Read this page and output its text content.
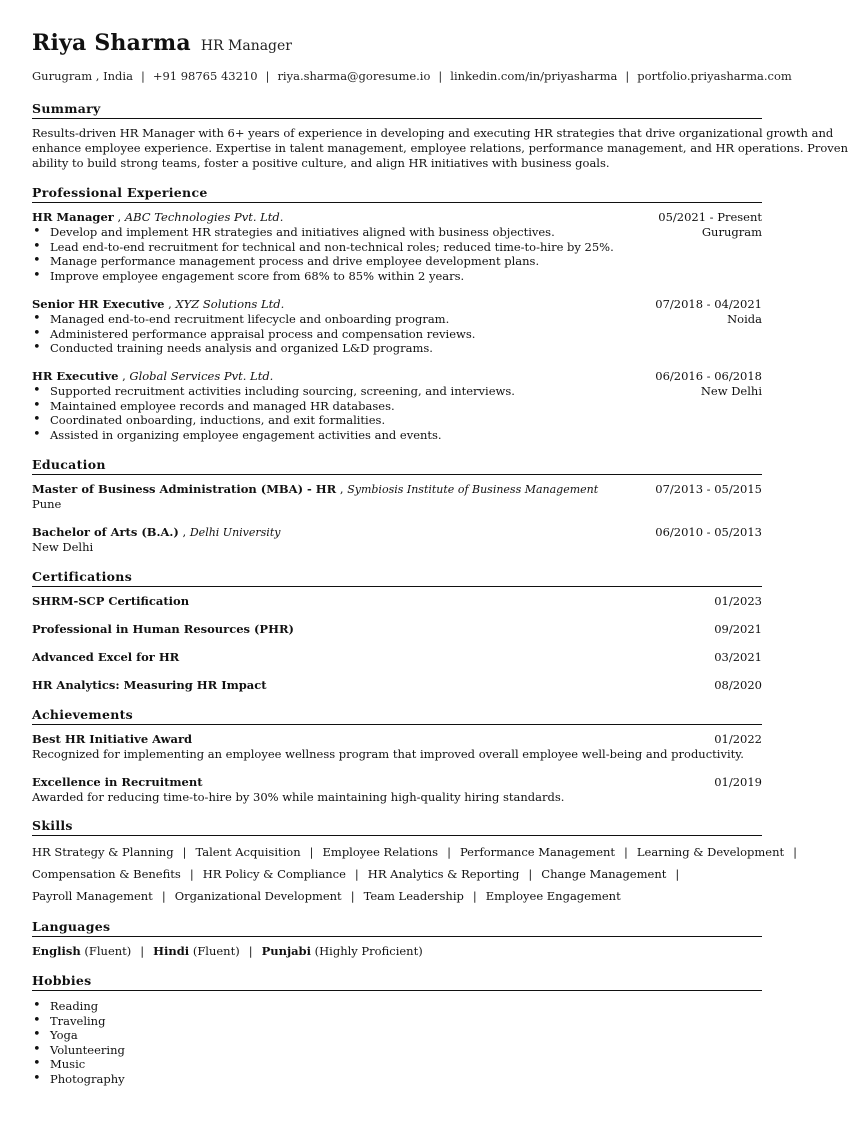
Riya Sharma HR Manager
Gurugram , India | +91 98765 43210 | riya.sharma@goresume.io | linkedin.com/in/priyasharma | portfolio.priyasharma.com
Summary
Results-driven HR Manager with 6+ years of experience in developing and executing HR strategies that drive organizational growth and
enhance employee experience. Expertise in talent management, employee relations, performance management, and HR operations. Proven
ability to build strong teams, foster a positive culture, and align HR initiatives with business goals.
Professional Experience
HR Manager , ABC Technologies Pvt. Ltd.	05/2021 - Present
Gurugram
• Develop and implement HR strategies and initiatives aligned with business objectives.
• Lead end-to-end recruitment for technical and non-technical roles; reduced time-to-hire by 25%.
• Manage performance management process and drive employee development plans.
• Improve employee engagement score from 68% to 85% within 2 years.
Senior HR Executive , XYZ Solutions Ltd.	07/2018 - 04/2021
Noida
• Managed end-to-end recruitment lifecycle and onboarding program.
• Administered performance appraisal process and compensation reviews.
• Conducted training needs analysis and organized L&D programs.
HR Executive , Global Services Pvt. Ltd.	06/2016 - 06/2018
New Delhi
• Supported recruitment activities including sourcing, screening, and interviews.
• Maintained employee records and managed HR databases.
• Coordinated onboarding, inductions, and exit formalities.
• Assisted in organizing employee engagement activities and events.
Education
Master of Business Administration (MBA) - HR , Symbiosis Institute of Business Management	07/2013 - 05/2015
Pune
Bachelor of Arts (B.A.) , Delhi University	06/2010 - 05/2013
New Delhi
Certifications
SHRM-SCP Certification	01/2023
Professional in Human Resources (PHR)	09/2021
Advanced Excel for HR	03/2021
HR Analytics: Measuring HR Impact	08/2020
Achievements
Best HR Initiative Award	01/2022
Recognized for implementing an employee wellness program that improved overall employee well-being and productivity.
Excellence in Recruitment	01/2019
Awarded for reducing time-to-hire by 30% while maintaining high-quality hiring standards.
Skills
HR Strategy & Planning | Talent Acquisition | Employee Relations | Performance Management | Learning & Development |
Compensation & Benefits | HR Policy & Compliance | HR Analytics & Reporting | Change Management |
Payroll Management | Organizational Development | Team Leadership | Employee Engagement
Languages
English (Fluent) | Hindi (Fluent) | Punjabi (Highly Proficient)
Hobbies
• Reading
• Traveling
• Yoga
• Volunteering
• Music
• Photography
